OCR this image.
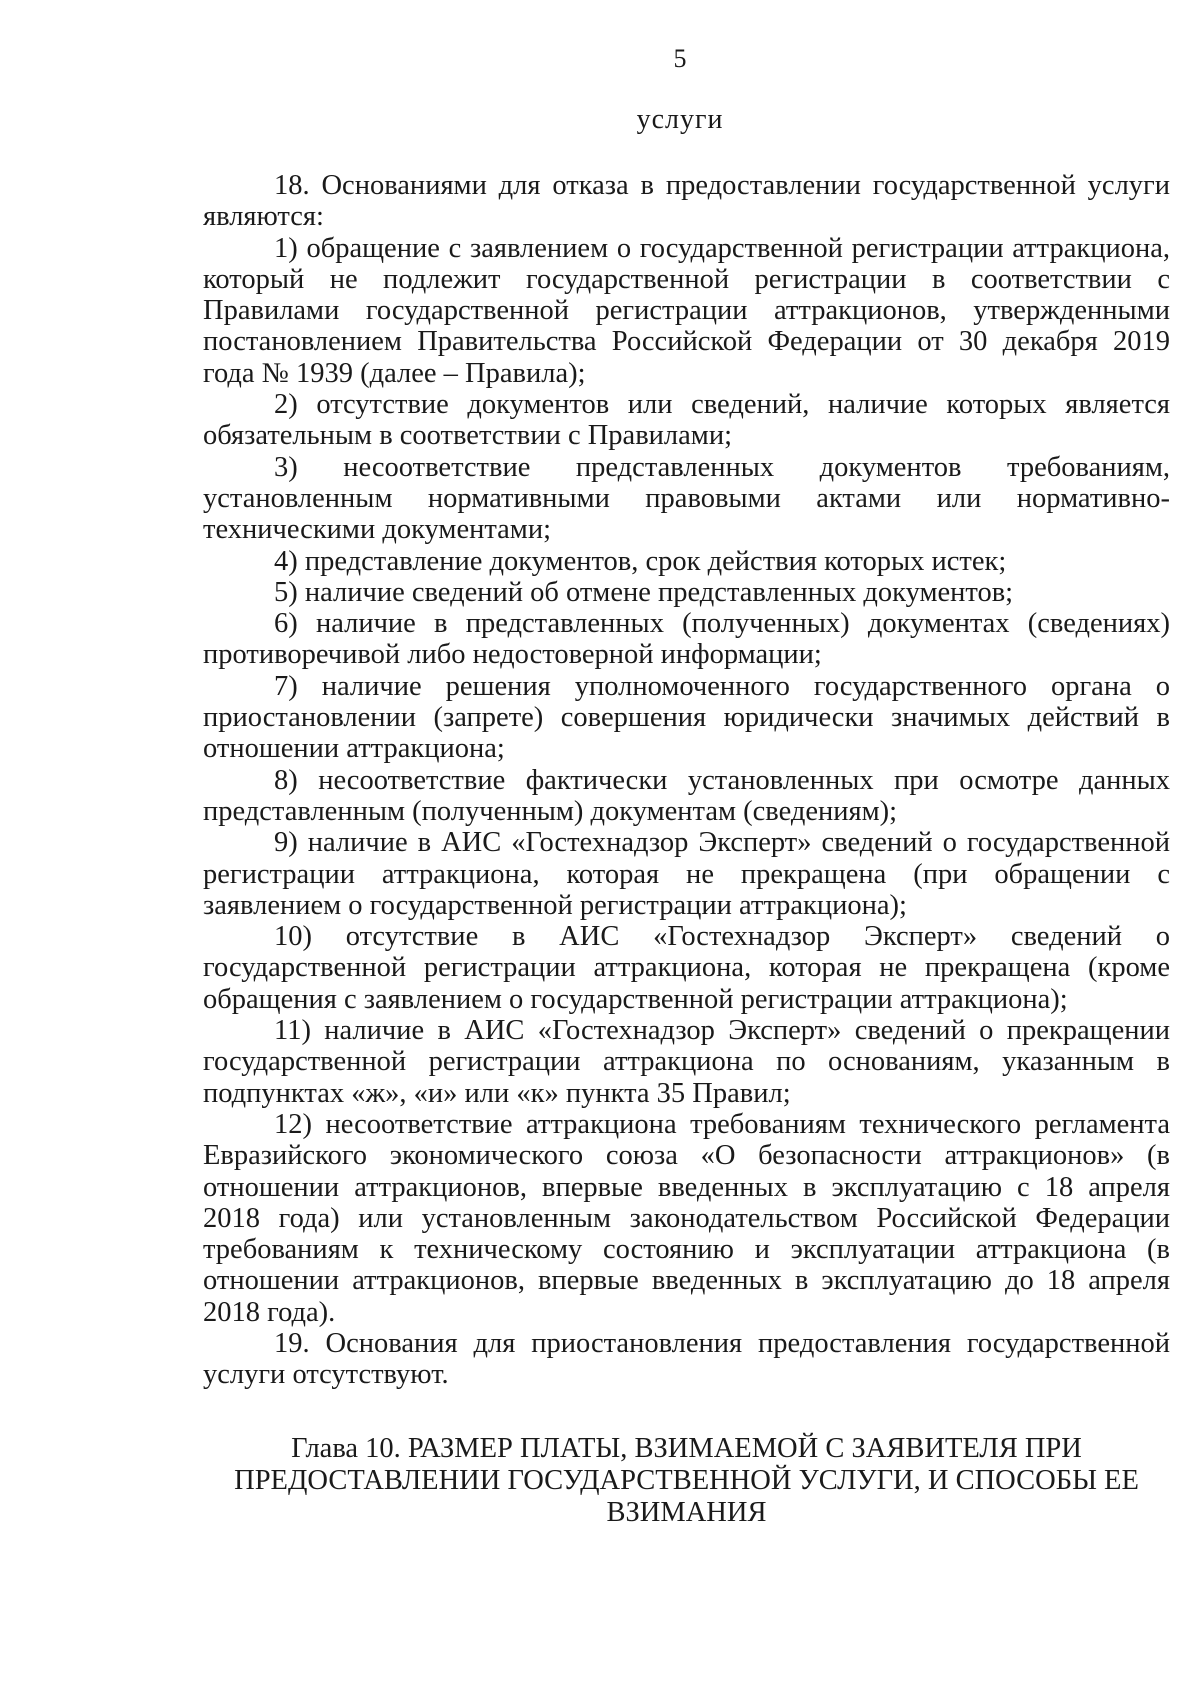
5
услуги

18. Основаниями для отказа в предоставлении государственной услуги являются:

1) обращение с заявлением о государственной регистрации аттракциона, который не подлежит государственной регистрации в соответствии с Правилами государственной регистрации аттракционов, утвержденными постановлением Правительства Российской Федерации от 30 декабря 2019 года № 1939 (далее – Правила);

2) отсутствие документов или сведений, наличие которых является обязательным в соответствии с Правилами;

3) несоответствие представленных документов требованиям, установленным нормативными правовыми актами или нормативно-техническими документами;

4) представление документов, срок действия которых истек;

5) наличие сведений об отмене представленных документов;

6) наличие в представленных (полученных) документах (сведениях) противоречивой либо недостоверной информации;

7) наличие решения уполномоченного государственного органа о приостановлении (запрете) совершения юридически значимых действий в отношении аттракциона;

8) несоответствие фактически установленных при осмотре данных представленным (полученным) документам (сведениям);

9) наличие в АИС «Гостехнадзор Эксперт» сведений о государственной регистрации аттракциона, которая не прекращена (при обращении с заявлением о государственной регистрации аттракциона);

10) отсутствие в АИС «Гостехнадзор Эксперт» сведений о государственной регистрации аттракциона, которая не прекращена (кроме обращения с заявлением о государственной регистрации аттракциона);

11) наличие в АИС «Гостехнадзор Эксперт» сведений о прекращении государственной регистрации аттракциона по основаниям, указанным в подпунктах «ж», «и» или «к» пункта 35 Правил;

12) несоответствие аттракциона требованиям технического регламента Евразийского экономического союза «О безопасности аттракционов» (в отношении аттракционов, впервые введенных в эксплуатацию с 18 апреля 2018 года) или установленным законодательством Российской Федерации требованиям к техническому состоянию и эксплуатации аттракциона (в отношении аттракционов, впервые введенных в эксплуатацию до 18 апреля 2018 года).

19. Основания для приостановления предоставления государственной услуги отсутствуют.

Глава 10. РАЗМЕР ПЛАТЫ, ВЗИМАЕМОЙ С ЗАЯВИТЕЛЯ ПРИ
ПРЕДОСТАВЛЕНИИ ГОСУДАРСТВЕННОЙ УСЛУГИ, И СПОСОБЫ ЕЕ
ВЗИМАНИЯ
